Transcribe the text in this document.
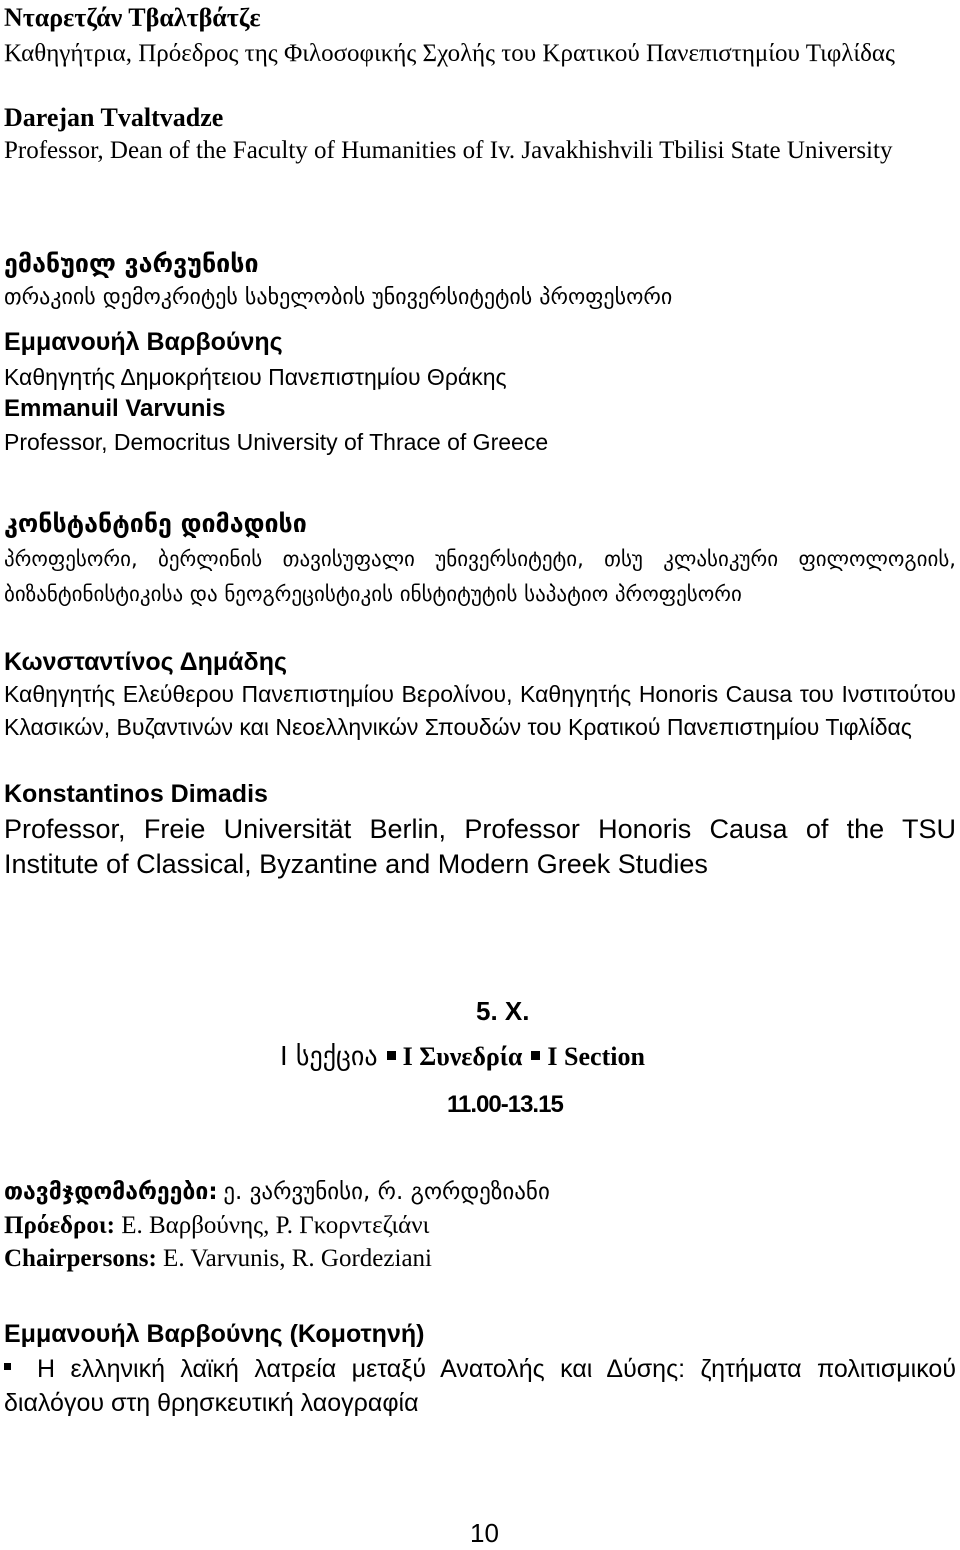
Νταρετζάν Τβαλτβάτζε
Καθηγήτρια, Πρόεδρος της Φιλοσοφικής Σχολής του Κρατικού Πανεπιστημίου Τιφλίδας
Darejan Tvaltvadze
Professor, Dean of the Faculty of Humanities of Iv. Javakhishvili Tbilisi State University
ემანუილ ვარვუნისი
თრაკიის დემოკრიტეს სახელობის უნივერსიტეტის პროფესორი
Εμμανουήλ Βαρβούνης
Καθηγητής Δημοκρήτειου Πανεπιστημίου Θράκης
Emmanuil Varvunis
Professor, Democritus University of Thrace of Greece
კონსტანტინე დიმადისი
პროფესორი, ბერლინის თავისუფალი უნივერსიტეტი, თსუ კლასიკური ფილოლოგიის, ბიზანტინისტიკისა და ნეოგრეცისტიკის ინსტიტუტის საპატიო პროფესორი
Κωνσταντίνος Δημάδης
Καθηγητής Ελεύθερου Πανεπιστημίου Βερολίνου, Καθηγητής Honoris Causa του Ινστιτούτου Κλασικών, Βυζαντινών και Νεοελληνικών Σπουδών του Κρατικού Πανεπιστημίου Τιφλίδας
Konstantinos Dimadis
Professor, Freie Universität Berlin, Professor Honoris Causa of the TSU Institute of Classical, Byzantine and Modern Greek Studies
5. X.
I სექცია I Συνεδρία I Section
11.00-13.15
თავმჯდომარეები: ე. ვარვუნისი, რ. გორდეზიანი
Πρόεδροι: Ε. Βαρβούνης, Ρ. Γκορντεζιάνι
Chairpersons: E. Varvunis, R. Gordeziani
Εμμανουήλ Βαρβούνης (Κομοτηνή)
Η ελληνική λαϊκή λατρεία μεταξύ Ανατολής και Δύσης: ζητήματα πολιτισμικού διαλόγου στη θρησκευτική λαογραφία
10
